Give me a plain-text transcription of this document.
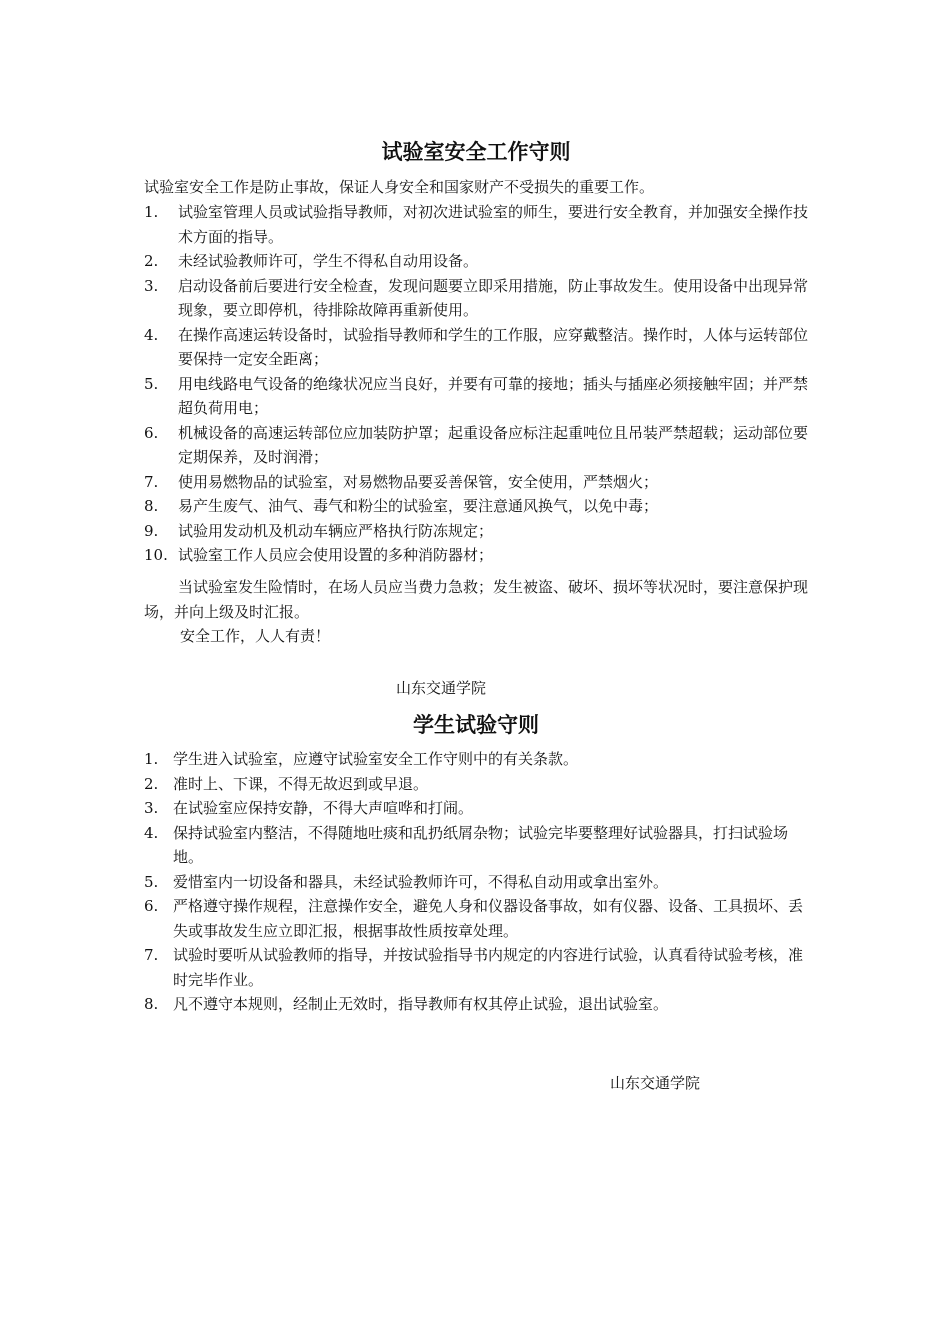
试验室安全工作守则

试验室安全工作是防止事故，保证人身安全和国家财产不受损失的重要工作。

1. 试验室管理人员或试验指导教师，对初次进试验室的师生，要进行安全教育，并加强安全操作技术方面的指导。
2. 未经试验教师许可，学生不得私自动用设备。
3. 启动设备前后要进行安全检查，发现问题要立即采用措施，防止事故发生。使用设备中出现异常现象，要立即停机，待排除故障再重新使用。
4. 在操作高速运转设备时，试验指导教师和学生的工作服，应穿戴整洁。操作时，人体与运转部位要保持一定安全距离；
5. 用电线路电气设备的绝缘状况应当良好，并要有可靠的接地；插头与插座必须接触牢固；并严禁超负荷用电；
6. 机械设备的高速运转部位应加装防护罩；起重设备应标注起重吨位且吊装严禁超载；运动部位要定期保养，及时润滑；
7. 使用易燃物品的试验室，对易燃物品要妥善保管，安全使用，严禁烟火；
8. 易产生废气、油气、毒气和粉尘的试验室，要注意通风换气，以免中毒；
9. 试验用发动机及机动车辆应严格执行防冻规定；
10. 试验室工作人员应会使用设置的多种消防器材；

当试验室发生险情时，在场人员应当费力急救；发生被盗、破坏、损坏等状况时，要注意保护现场，并向上级及时汇报。

安全工作，人人有责！

山东交通学院
学生试验守则
1. 学生进入试验室，应遵守试验室安全工作守则中的有关条款。
2. 准时上、下课，不得无故迟到或早退。
3. 在试验室应保持安静，不得大声喧哗和打闹。
4. 保持试验室内整洁，不得随地吐痰和乱扔纸屑杂物；试验完毕要整理好试验器具，打扫试验场地。
5. 爱惜室内一切设备和器具，未经试验教师许可，不得私自动用或拿出室外。
6. 严格遵守操作规程，注意操作安全，避免人身和仪器设备事故，如有仪器、设备、工具损坏、丢失或事故发生应立即汇报，根据事故性质按章处理。
7. 试验时要听从试验教师的指导，并按试验指导书内规定的内容进行试验，认真看待试验考核，准时完毕作业。
8. 凡不遵守本规则，经制止无效时，指导教师有权其停止试验，退出试验室。
山东交通学院
